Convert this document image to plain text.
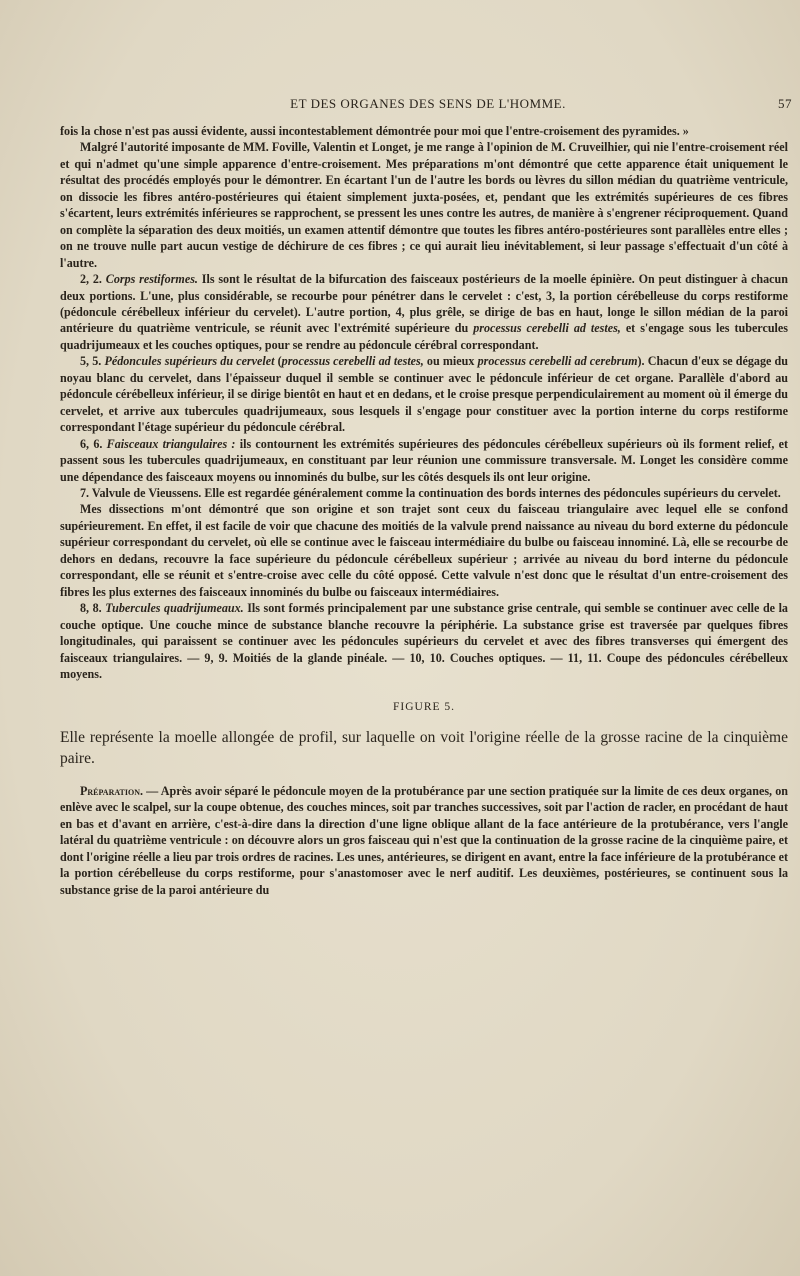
ET DES ORGANES DES SENS DE L'HOMME.	57

fois la chose n'est pas aussi évidente, aussi incontestablement démontrée pour moi que l'entre-croisement des pyramides. »

Malgré l'autorité imposante de MM. Foville, Valentin et Longet, je me range à l'opinion de M. Cruveilhier, qui nie l'entre-croisement réel et qui n'admet qu'une simple apparence d'entre-croisement. Mes préparations m'ont démontré que cette apparence était uniquement le résultat des procédés employés pour le démontrer. En écartant l'un de l'autre les bords ou lèvres du sillon médian du quatrième ventricule, on dissocie les fibres antéro-postérieures qui étaient simplement juxta-posées, et, pendant que les extrémités supérieures de ces fibres s'écartent, leurs extrémités inférieures se rapprochent, se pressent les unes contre les autres, de manière à s'engrener réciproquement. Quand on complète la séparation des deux moitiés, un examen attentif démontre que toutes les fibres antéro-postérieures sont parallèles entre elles ; on ne trouve nulle part aucun vestige de déchirure de ces fibres ; ce qui aurait lieu inévitablement, si leur passage s'effectuait d'un côté à l'autre.

2, 2. Corps restiformes. Ils sont le résultat de la bifurcation des faisceaux postérieurs de la moelle épinière. On peut distinguer à chacun deux portions. L'une, plus considérable, se recourbe pour pénétrer dans le cervelet : c'est, 3, la portion cérébelleuse du corps restiforme (pédoncule cérébelleux inférieur du cervelet). L'autre portion, 4, plus grêle, se dirige de bas en haut, longe le sillon médian de la paroi antérieure du quatrième ventricule, se réunit avec l'extrémité supérieure du processus cerebelli ad testes, et s'engage sous les tubercules quadrijumeaux et les couches optiques, pour se rendre au pédoncule cérébral correspondant.

5, 5. Pédoncules supérieurs du cervelet (processus cerebelli ad testes, ou mieux processus cerebelli ad cerebrum). Chacun d'eux se dégage du noyau blanc du cervelet, dans l'épaisseur duquel il semble se continuer avec le pédoncule inférieur de cet organe. Parallèle d'abord au pédoncule cérébelleux inférieur, il se dirige bientôt en haut et en dedans, et le croise presque perpendiculairement au moment où il émerge du cervelet, et arrive aux tubercules quadrijumeaux, sous lesquels il s'engage pour constituer avec la portion interne du corps restiforme correspondant l'étage supérieur du pédoncule cérébral.

6, 6. Faisceaux triangulaires : ils contournent les extrémités supérieures des pédoncules cérébelleux supérieurs où ils forment relief, et passent sous les tubercules quadrijumeaux, en constituant par leur réunion une commissure transversale. M. Longet les considère comme une dépendance des faisceaux moyens ou innominés du bulbe, sur les côtés desquels ils ont leur origine.

7. Valvule de Vieussens. Elle est regardée généralement comme la continuation des bords internes des pédoncules supérieurs du cervelet.

Mes dissections m'ont démontré que son origine et son trajet sont ceux du faisceau triangulaire avec lequel elle se confond supérieurement. En effet, il est facile de voir que chacune des moitiés de la valvule prend naissance au niveau du bord externe du pédoncule supérieur correspondant du cervelet, où elle se continue avec le faisceau intermédiaire du bulbe ou faisceau innominé. Là, elle se recourbe de dehors en dedans, recouvre la face supérieure du pédoncule cérébelleux supérieur ; arrivée au niveau du bord interne du pédoncule correspondant, elle se réunit et s'entre-croise avec celle du côté opposé. Cette valvule n'est donc que le résultat d'un entre-croisement des fibres les plus externes des faisceaux innominés du bulbe ou faisceaux intermédiaires.

8, 8. Tubercules quadrijumeaux. Ils sont formés principalement par une substance grise centrale, qui semble se continuer avec celle de la couche optique. Une couche mince de substance blanche recouvre la périphérie. La substance grise est traversée par quelques fibres longitudinales, qui paraissent se continuer avec les pédoncules supérieurs du cervelet et avec des fibres transverses qui émergent des faisceaux triangulaires. — 9, 9. Moitiés de la glande pinéale. — 10, 10. Couches optiques. — 11, 11. Coupe des pédoncules cérébelleux moyens.

FIGURE 5.

Elle représente la moelle allongée de profil, sur laquelle on voit l'origine réelle de la grosse racine de la cinquième paire.

Préparation. — Après avoir séparé le pédoncule moyen de la protubérance par une section pratiquée sur la limite de ces deux organes, on enlève avec le scalpel, sur la coupe obtenue, des couches minces, soit par tranches successives, soit par l'action de racler, en procédant de haut en bas et d'avant en arrière, c'est-à-dire dans la direction d'une ligne oblique allant de la face antérieure de la protubérance, vers l'angle latéral du quatrième ventricule : on découvre alors un gros faisceau qui n'est que la continuation de la grosse racine de la cinquième paire, et dont l'origine réelle a lieu par trois ordres de racines. Les unes, antérieures, se dirigent en avant, entre la face inférieure de la protubérance et la portion cérébelleuse du corps restiforme, pour s'anastomoser avec le nerf auditif. Les deuxièmes, postérieures, se continuent sous la substance grise de la paroi antérieure du
